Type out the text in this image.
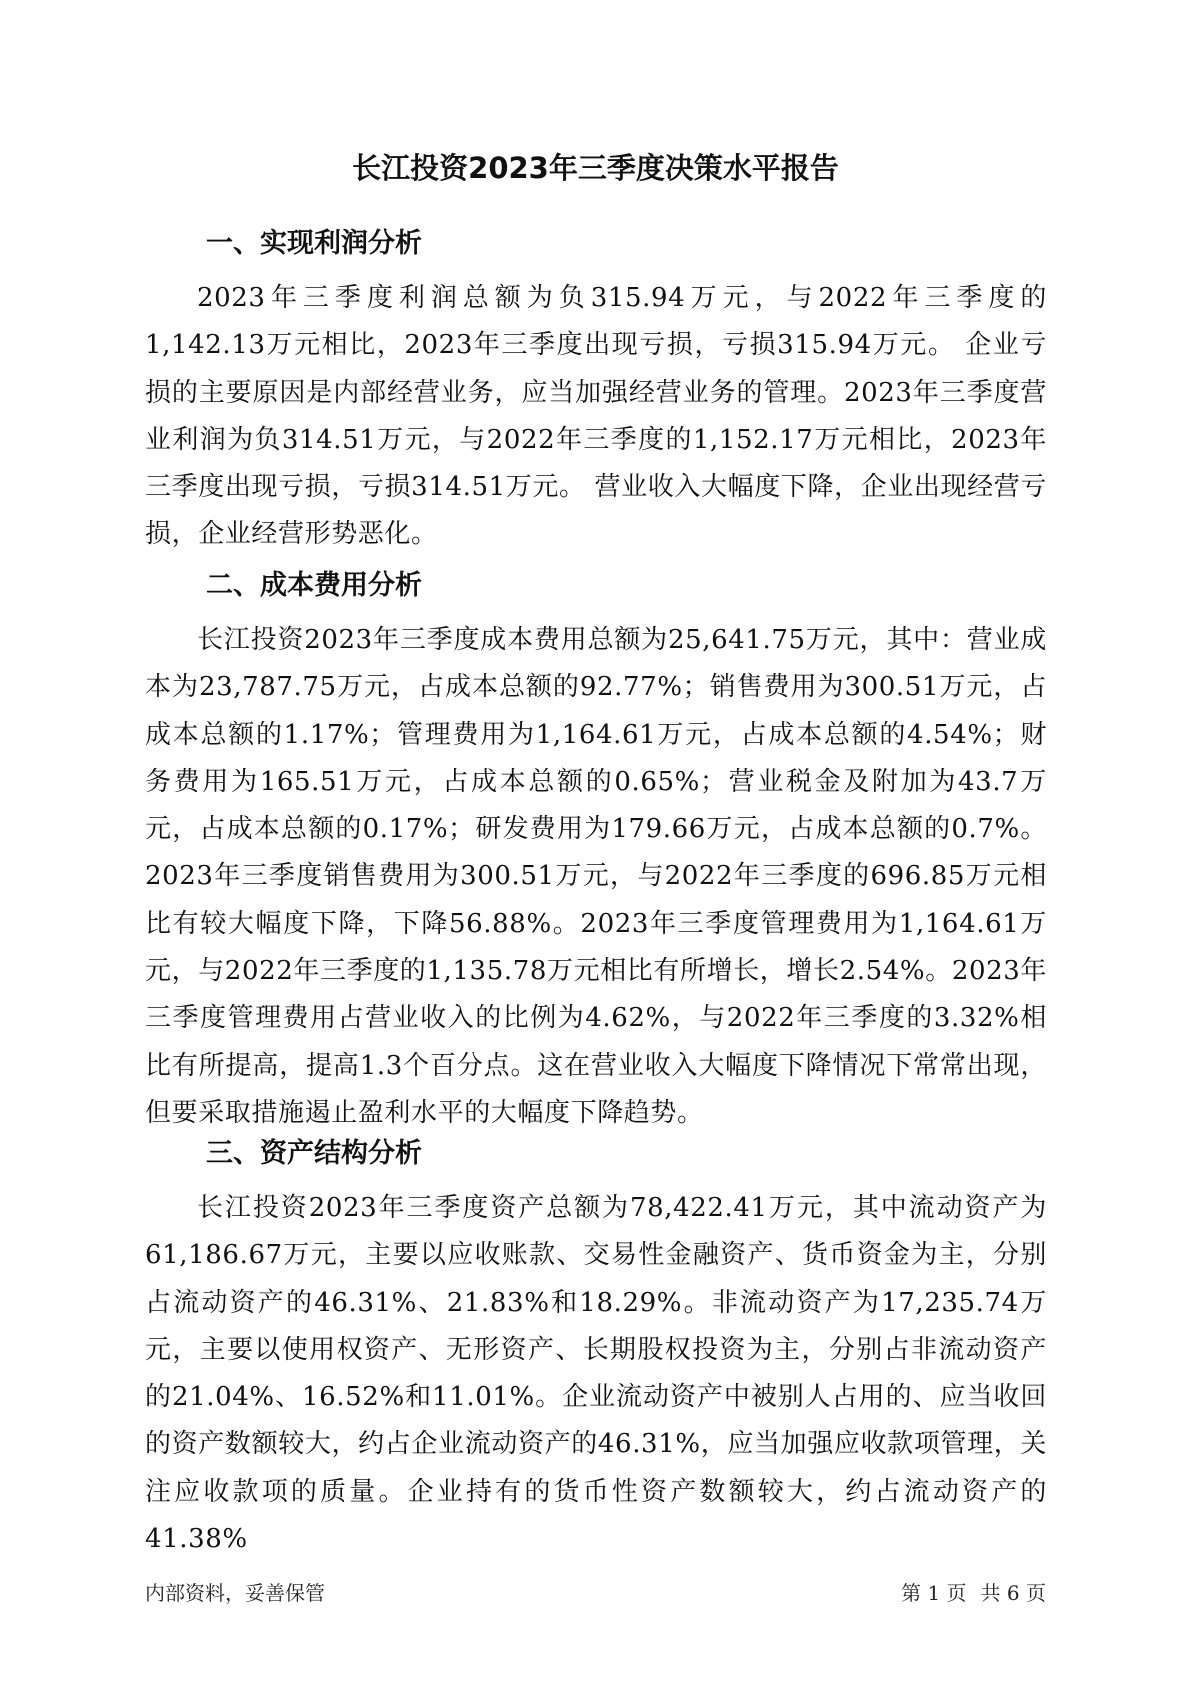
长江投资2023年三季度决策水平报告
一、实现利润分析

2023年三季度利润总额为负315.94万元，与2022年三季度的1,142.13万元相比，2023年三季度出现亏损，亏损315.94万元。 企业亏损的主要原因是内部经营业务，应当加强经营业务的管理。2023年三季度营业利润为负314.51万元，与2022年三季度的1,152.17万元相比，2023年三季度出现亏损，亏损314.51万元。 营业收入大幅度下降，企业出现经营亏损，企业经营形势恶化。

二、成本费用分析

长江投资2023年三季度成本费用总额为25,641.75万元，其中：营业成本为23,787.75万元，占成本总额的92.77%；销售费用为300.51万元，占成本总额的1.17%；管理费用为1,164.61万元，占成本总额的4.54%；财务费用为165.51万元，占成本总额的0.65%；营业税金及附加为43.7万元，占成本总额的0.17%；研发费用为179.66万元，占成本总额的0.7%。2023年三季度销售费用为300.51万元，与2022年三季度的696.85万元相比有较大幅度下降，下降56.88%。2023年三季度管理费用为1,164.61万元，与2022年三季度的1,135.78万元相比有所增长，增长2.54%。2023年三季度管理费用占营业收入的比例为4.62%，与2022年三季度的3.32%相比有所提高，提高1.3个百分点。这在营业收入大幅度下降情况下常常出现，但要采取措施遏止盈利水平的大幅度下降趋势。

三、资产结构分析

长江投资2023年三季度资产总额为78,422.41万元，其中流动资产为61,186.67万元，主要以应收账款、交易性金融资产、货币资金为主，分别占流动资产的46.31%、21.83%和18.29%。非流动资产为17,235.74万元，主要以使用权资产、无形资产、长期股权投资为主，分别占非流动资产的21.04%、16.52%和11.01%。企业流动资产中被别人占用的、应当收回的资产数额较大，约占企业流动资产的46.31%，应当加强应收款项管理，关注应收款项的质量。企业持有的货币性资产数额较大，约占流动资产的41.38%

内部资料，妥善保管	第 1 页 共 6 页
